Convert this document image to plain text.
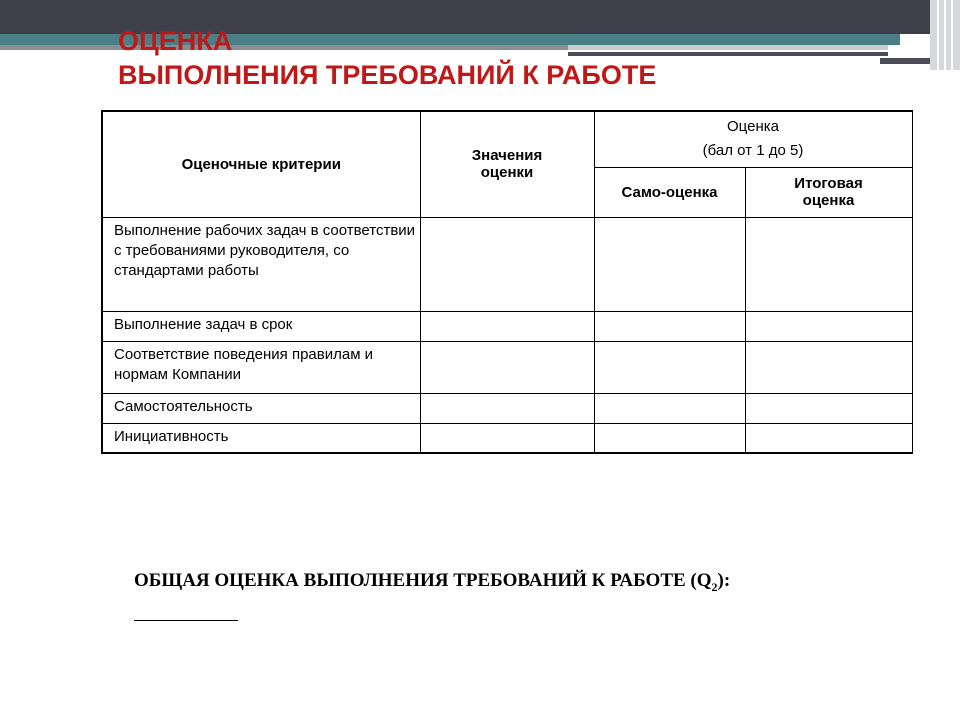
ОЦЕНКА
ВЫПОЛНЕНИЯ ТРЕБОВАНИЙ К РАБОТЕ
Оценочные критерии	Значения оценки	Оценка
(бал от 1 до 5)	
		Само-оценка	Итоговая оценка
Выполнение рабочих задач в соответствии с требованиями руководителя, со стандартами работы			
Выполнение задач в срок			
Соответствие поведения правилам и нормам Компании			
Самостоятельность			
Инициативность			

ОБЩАЯ ОЦЕНКА ВЫПОЛНЕНИЯ ТРЕБОВАНИЙ К РАБОТЕ $(Q_2)$:
